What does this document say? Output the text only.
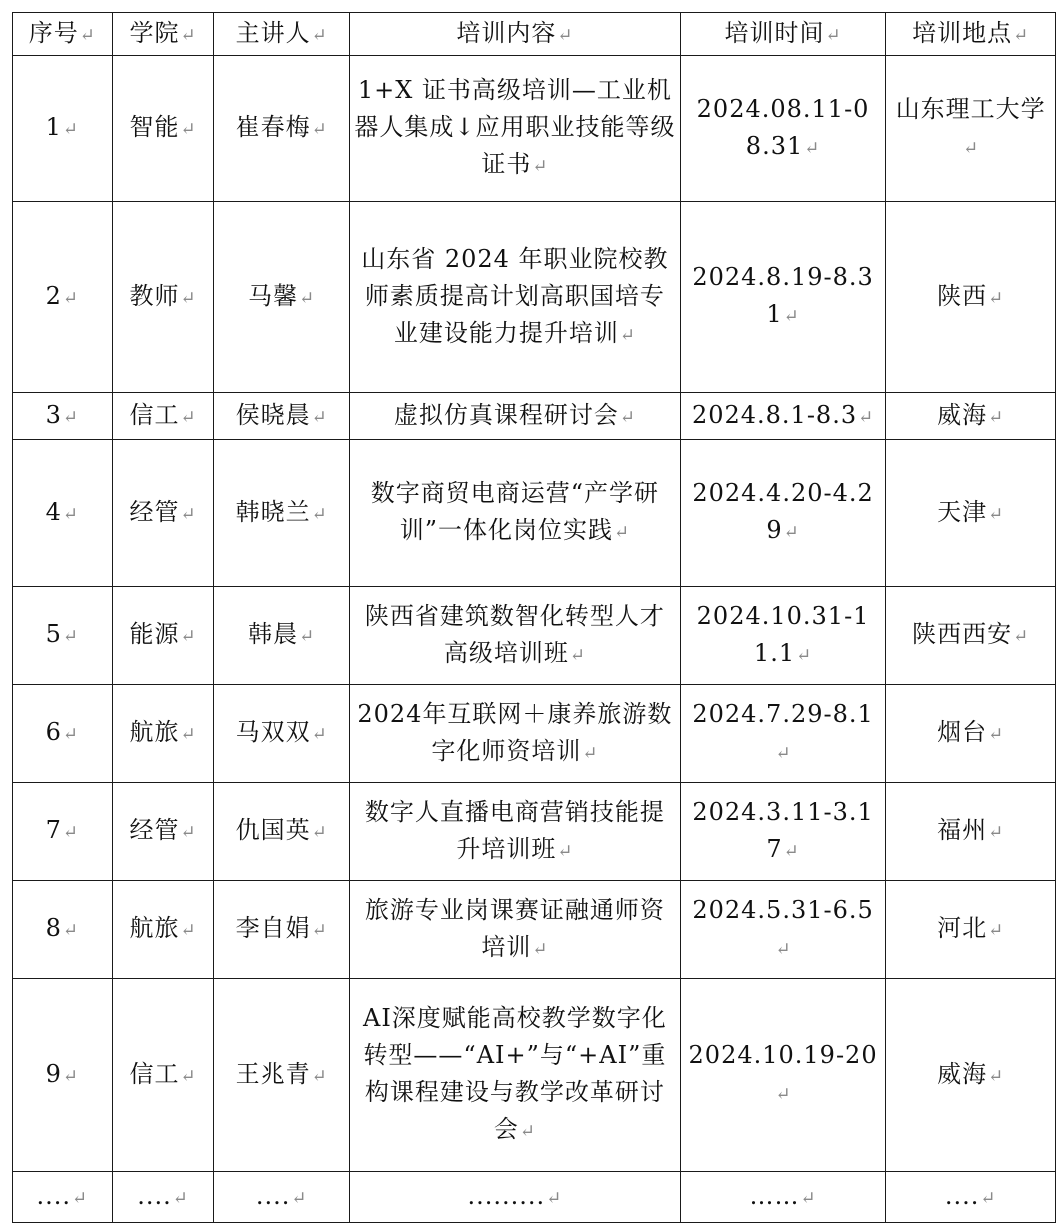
序号↵	学院↵	主讲人↵	培训内容↵	培训时间↵	培训地点↵
1↵	智能↵	崔春梅↵	1+X 证书高级培训—工业机器人集成↓应用职业技能等级证书↵	2024.08.11-08.31↵	山东理工大学↵
2↵	教师↵	马馨↵	山东省 2024 年职业院校教师素质提高计划高职国培专业建设能力提升培训↵	2024.8.19-8.31↵	陕西↵
3↵	信工↵	侯晓晨↵	虚拟仿真课程研讨会↵	2024.8.1-8.3↵	威海↵
4↵	经管↵	韩晓兰↵	数字商贸电商运营“产学研训”一体化岗位实践↵	2024.4.20-4.29↵	天津↵
5↵	能源↵	韩晨↵	陕西省建筑数智化转型人才高级培训班↵	2024.10.31-11.1↵	陕西西安↵
6↵	航旅↵	马双双↵	2024年互联网＋康养旅游数字化师资培训↵	2024.7.29-8.1↵	烟台↵
7↵	经管↵	仇国英↵	数字人直播电商营销技能提升培训班↵	2024.3.11-3.17↵	福州↵
8↵	航旅↵	李自娟↵	旅游专业岗课赛证融通师资培训↵	2024.5.31-6.5↵	河北↵
9↵	信工↵	王兆青↵	AI深度赋能高校教学数字化转型——“AI+”与“+AI”重构课程建设与教学改革研讨会↵	2024.10.19-20↵	威海↵
....↵	....↵	....↵	.........↵	……↵	....↵
